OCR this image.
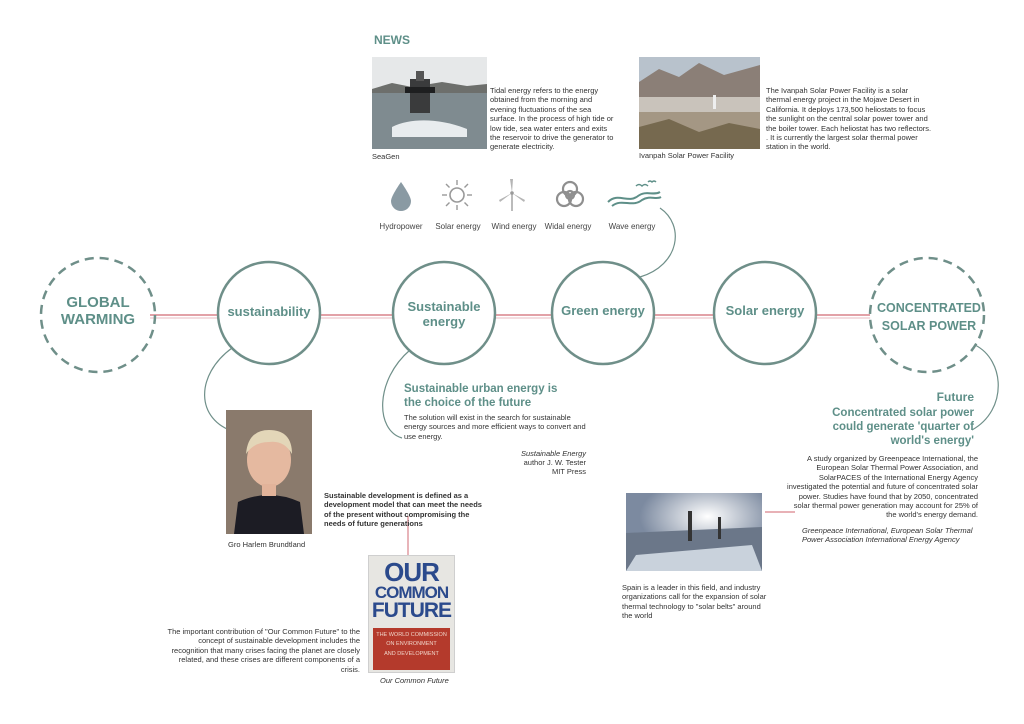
NEWS
SeaGen
Tidal energy refers to the energy obtained from the morning and evening fluctuations of the sea surface. In the process of high tide or low tide, sea water enters and exits the reservoir to drive the generator to generate electricity.
Ivanpah Solar Power Facility
The Ivanpah Solar Power Facility is a solar thermal energy project in the Mojave Desert in California. It deploys 173,500 heliostats to focus the sunlight on the central solar power tower and the boiler tower. Each heliostat has two reflectors. . It is currently the largest solar thermal power station in the world.
Hydropower	Solar energy	Wind energy	Widal energy	Wave energy
GLOBAL WARMING	sustainability	Sustainable energy
Green energy	Solar energy	CONCENTRATED SOLAR POWER
Sustainable urban energy is the choice of the future
The solution will exist in the search for sustainable energy sources and more efficient ways to convert and use energy.
Sustainable Energy
author J. W. Tester
MIT Press
Future
Concentrated solar power could generate 'quarter of world's energy'
A study organized by Greenpeace International, the European Solar Thermal Power Association, and SolarPACES of the International Energy Agency investigated the potential and future of concentrated solar power. Studies have found that by 2050, concentrated solar thermal power generation may account for 25% of the world's energy demand.
Greenpeace International, European Solar Thermal Power Association International Energy Agency
Spain is a leader in this field, and industry organizations call for the expansion of solar thermal technology to "solar belts" around the world
Gro Harlem Brundtland
Sustainable development is defined as a development model that can meet the needs of the present without compromising the needs of future generations
OUR
COMMON
FUTURE
THE WORLD COMMISSION
ON ENVIRONMENT
AND DEVELOPMENT
Our Common Future
The important contribution of "Our Common Future" to the concept of sustainable development includes the recognition that many crises facing the planet are closely related, and these crises are different components of a crisis.
